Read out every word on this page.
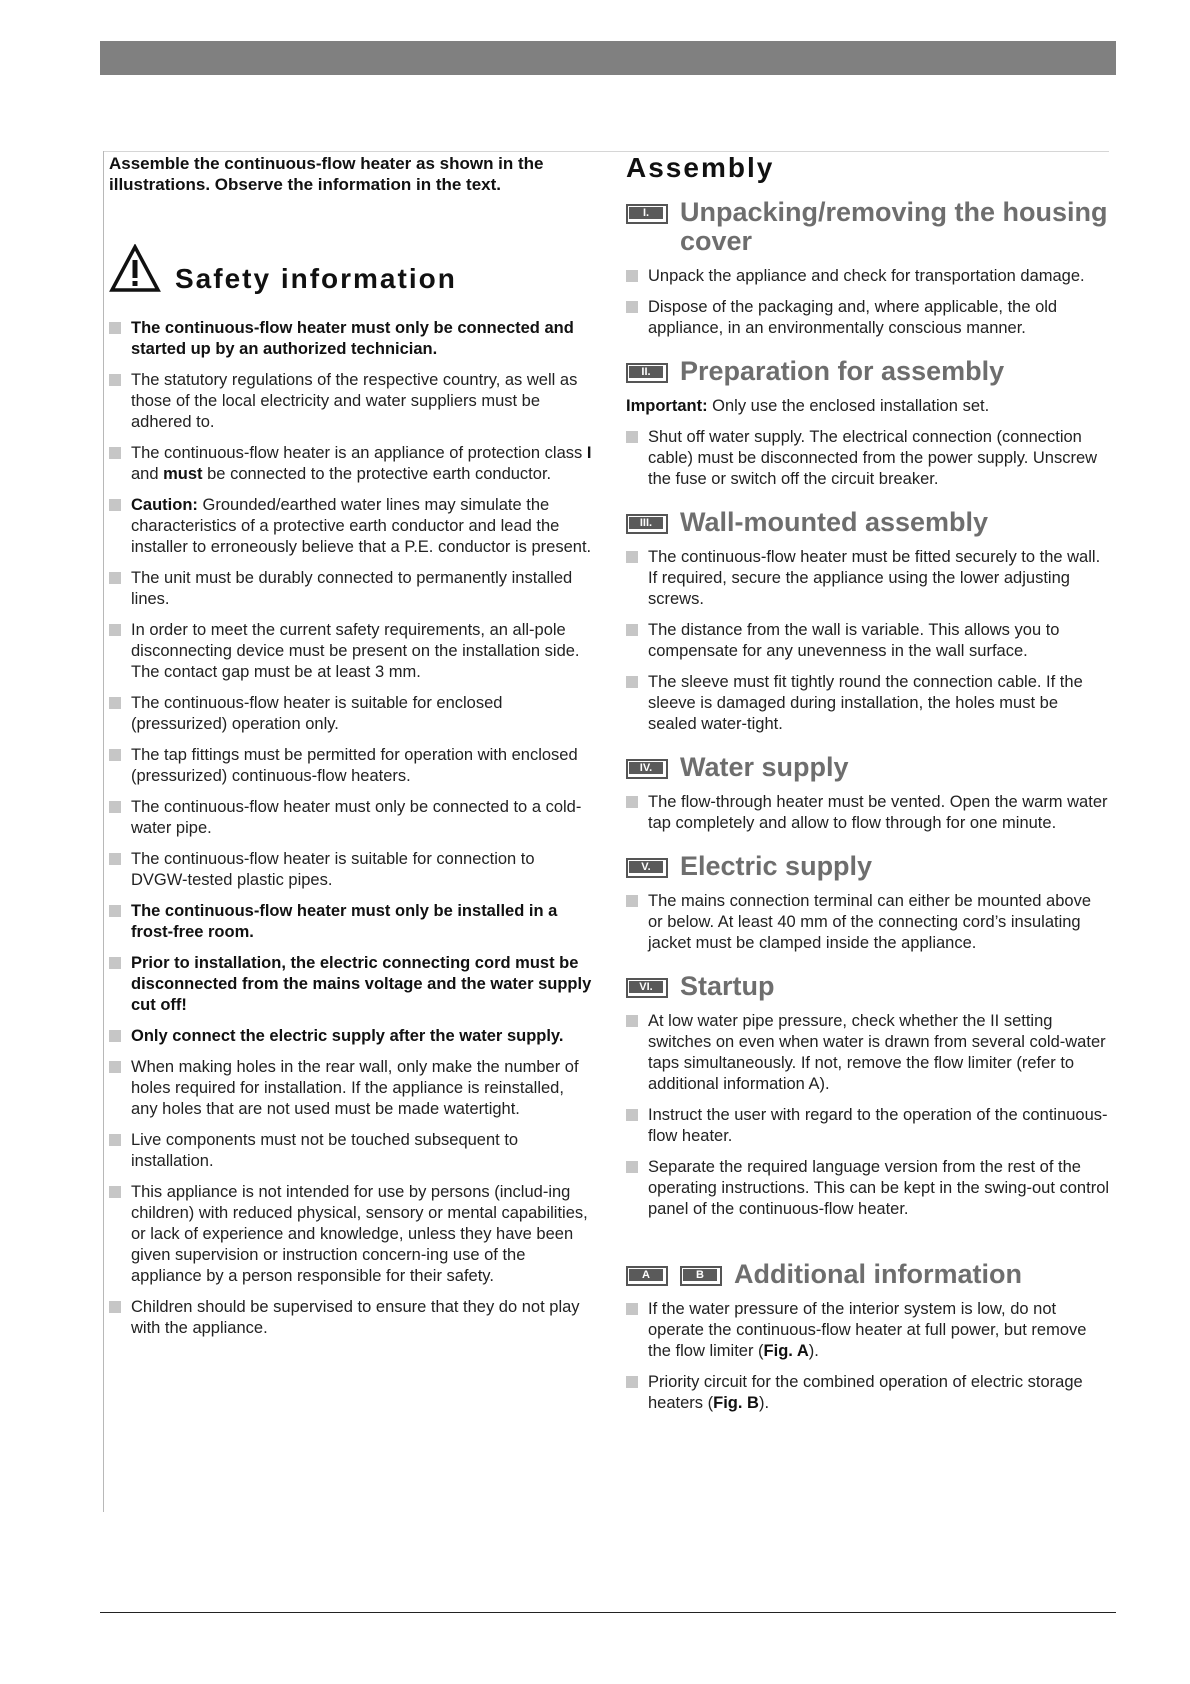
Assemble the continuous-flow heater as shown in the illustrations. Observe the information in the text.

Safety information
The continuous-flow heater must only be connected and started up by an authorized technician.
The statutory regulations of the respective country, as well as those of the local electricity and water suppliers must be adhered to.
The continuous-flow heater is an appliance of protection class I and must be connected to the protective earth conductor.
Caution: Grounded/earthed water lines may simulate the characteristics of a protective earth conductor and lead the installer to erroneously believe that a P.E. conductor is present.
The unit must be durably connected to permanently installed lines.
In order to meet the current safety requirements, an all-pole disconnecting device must be present on the installation side. The contact gap must be at least 3 mm.
The continuous-flow heater is suitable for enclosed (pressurized) operation only.
The tap fittings must be permitted for operation with enclosed (pressurized) continuous-flow heaters.
The continuous-flow heater must only be connected to a cold-water pipe.
The continuous-flow heater is suitable for connection to DVGW-tested plastic pipes.
The continuous-flow heater must only be installed in a frost-free room.
Prior to installation, the electric connecting cord must be disconnected from the mains voltage and the water supply cut off!
Only connect the electric supply after the water supply.
When making holes in the rear wall, only make the number of holes required for installation. If the appliance is reinstalled, any holes that are not used must be made watertight.
Live components must not be touched subsequent to installation.
This appliance is not intended for use by persons (includ-ing children) with reduced physical, sensory or mental capabilities, or lack of experience and knowledge, unless they have been given supervision or instruction concern-ing use of the appliance by a person responsible for their safety.
Children should be supervised to ensure that they do not play with the appliance.
Assembly
I.	Unpacking/removing the housing cover
Unpack the appliance and check for transportation damage.
Dispose of the packaging and, where applicable, the old appliance, in an environmentally conscious manner.
II.	Preparation for assembly

Important: Only use the enclosed installation set.

Shut off water supply. The electrical connection (connection cable) must be disconnected from the power supply. Unscrew the fuse or switch off the circuit breaker.
III.	Wall-mounted assembly
The continuous-flow heater must be fitted securely to the wall. If required, secure the appliance using the lower adjusting screws.
The distance from the wall is variable. This allows you to compensate for any unevenness in the wall surface.
The sleeve must fit tightly round the connection cable. If the sleeve is damaged during installation, the holes must be sealed water-tight.
IV.	Water supply
The flow-through heater must be vented. Open the warm water tap completely and allow to flow through for one minute.
V.	Electric supply
The mains connection terminal can either be mounted above or below. At least 40 mm of the connecting cord’s insulating jacket must be clamped inside the appliance.
VI.	Startup
At low water pipe pressure, check whether the II setting switches on even when water is drawn from several cold-water taps simultaneously. If not, remove the flow limiter (refer to additional information A).
Instruct the user with regard to the operation of the continuous-flow heater.
Separate the required language version from the rest of the operating instructions. This can be kept in the swing-out control panel of the continuous-flow heater.
A	B	Additional information
If the water pressure of the interior system is low, do not operate the continuous-flow heater at full power, but remove the flow limiter (Fig. A).
Priority circuit for the combined operation of electric storage heaters (Fig. B).
